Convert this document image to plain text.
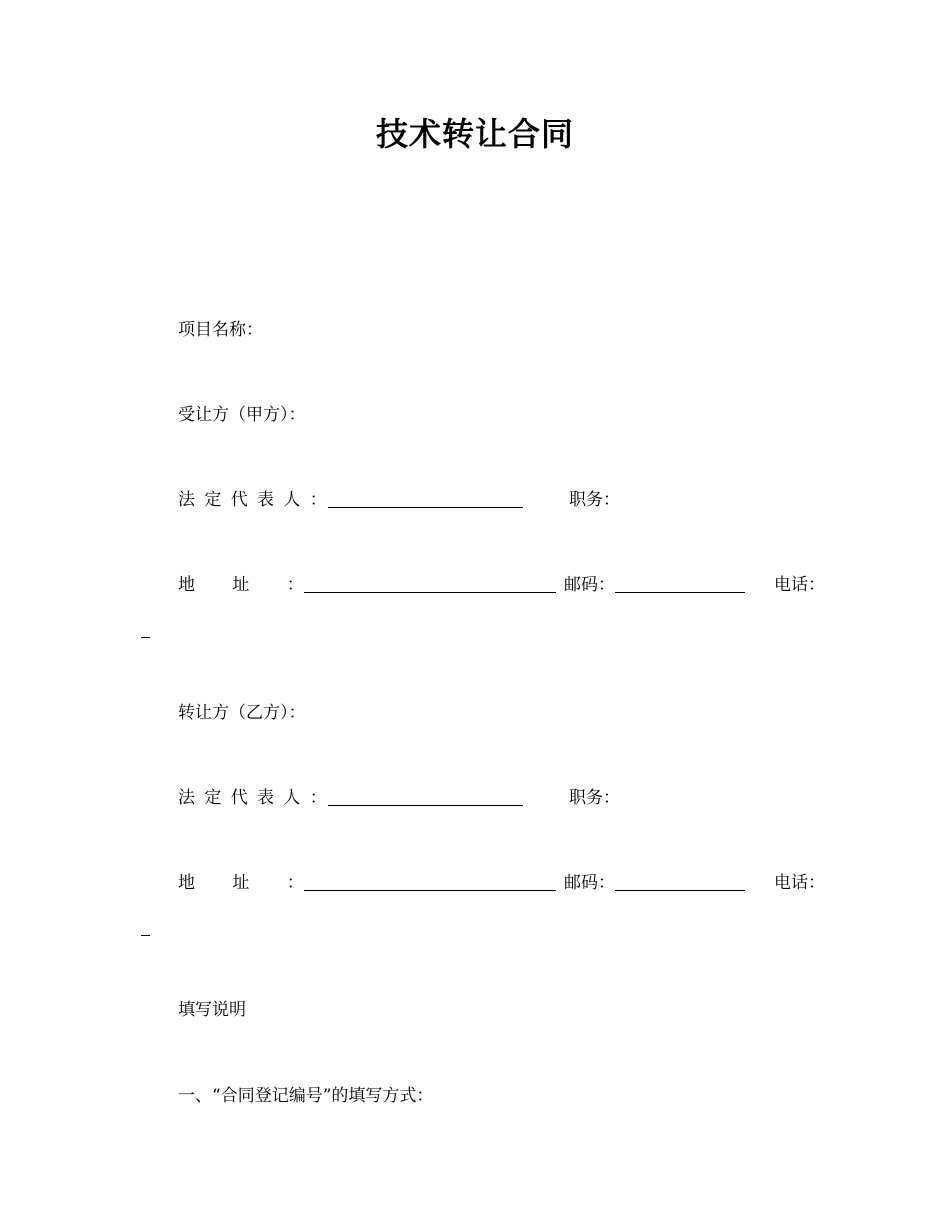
技术转让合同
项目名称：
受让方（甲方）：
法定代表人：	职务：
地址：	邮码：	电话：
转让方（乙方）：
法定代表人：	职务：
地址：	邮码：	电话：
填写说明
一、“合同登记编号”的填写方式：
